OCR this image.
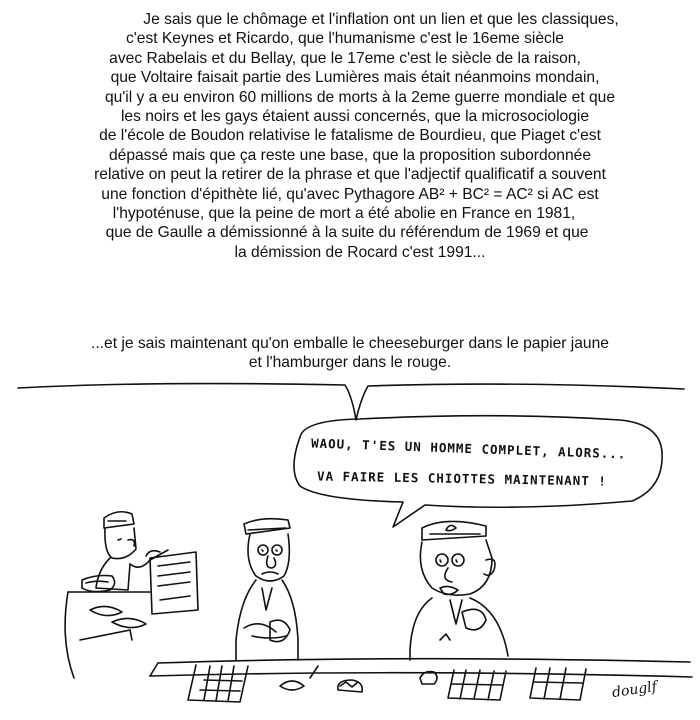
Je sais que le chômage et l'inflation ont un lien et que les classiques,
c'est Keynes et Ricardo, que l'humanisme c'est le 16eme siècle
avec Rabelais et du Bellay, que le 17eme c'est le siècle de la raison,
que Voltaire faisait partie des Lumières mais était néanmoins mondain,
qu'il y a eu environ 60 millions de morts à la 2eme guerre mondiale et que
les noirs et les gays étaient aussi concernés, que la microsociologie
de l'école de Boudon relativise le fatalisme de Bourdieu, que Piaget c'est
dépassé mais que ça reste une base, que la proposition subordonnée
relative on peut la retirer de la phrase et que l'adjectif qualificatif a souvent
une fonction d'épithète lié, qu'avec Pythagore AB² + BC² = AC² si AC est
l'hypoténuse, que la peine de mort a été abolie en France en 1981,
que de Gaulle a démissionné à la suite du référendum de 1969 et que
la démission de Rocard c'est 1991...
...et je sais maintenant qu'on emballe le cheeseburger dans le papier jaune
et l'hamburger dans le rouge.
WAOU, T'ES UN HOMME COMPLET, ALORS...
VA FAIRE LES CHIOTTES MAINTENANT !
douglf
